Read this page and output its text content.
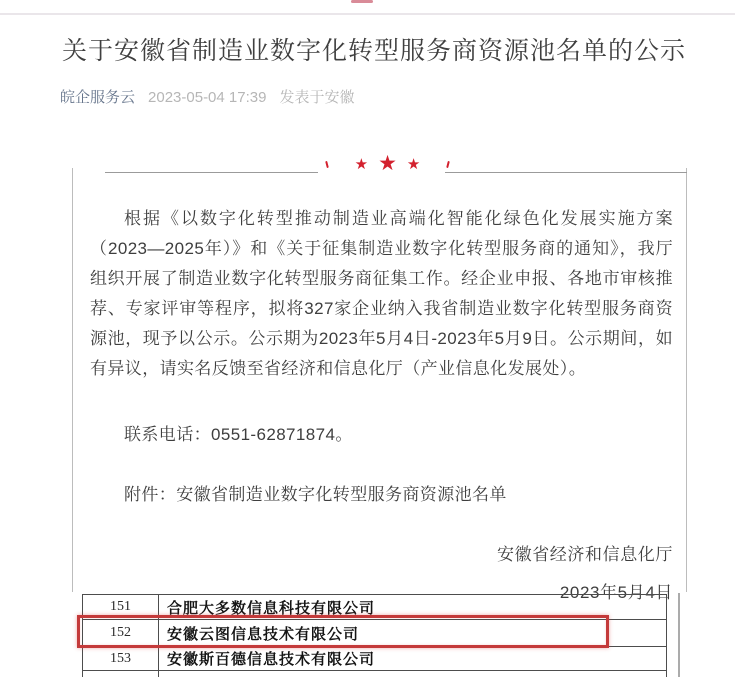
关于安徽省制造业数字化转型服务商资源池名单的公示
皖企服务云 2023-05-04 17:39 发表于安徽
★ ★ ★

根据《以数字化转型推动制造业高端化智能化绿色化发展实施方案（2023—2025年）》和《关于征集制造业数字化转型服务商的通知》，我厅组织开展了制造业数字化转型服务商征集工作。经企业申报、各地市审核推荐、专家评审等程序，拟将327家企业纳入我省制造业数字化转型服务商资源池，现予以公示。公示期为2023年5月4日-2023年5月9日。公示期间，如有异议，请实名反馈至省经济和信息化厅（产业信息化发展处）。

联系电话：0551-62871874。

附件：安徽省制造业数字化转型服务商资源池名单

安徽省经济和信息化厅
2023年5月4日
151	合肥大多数信息科技有限公司
152	安徽云图信息技术有限公司
153	安徽斯百德信息技术有限公司
